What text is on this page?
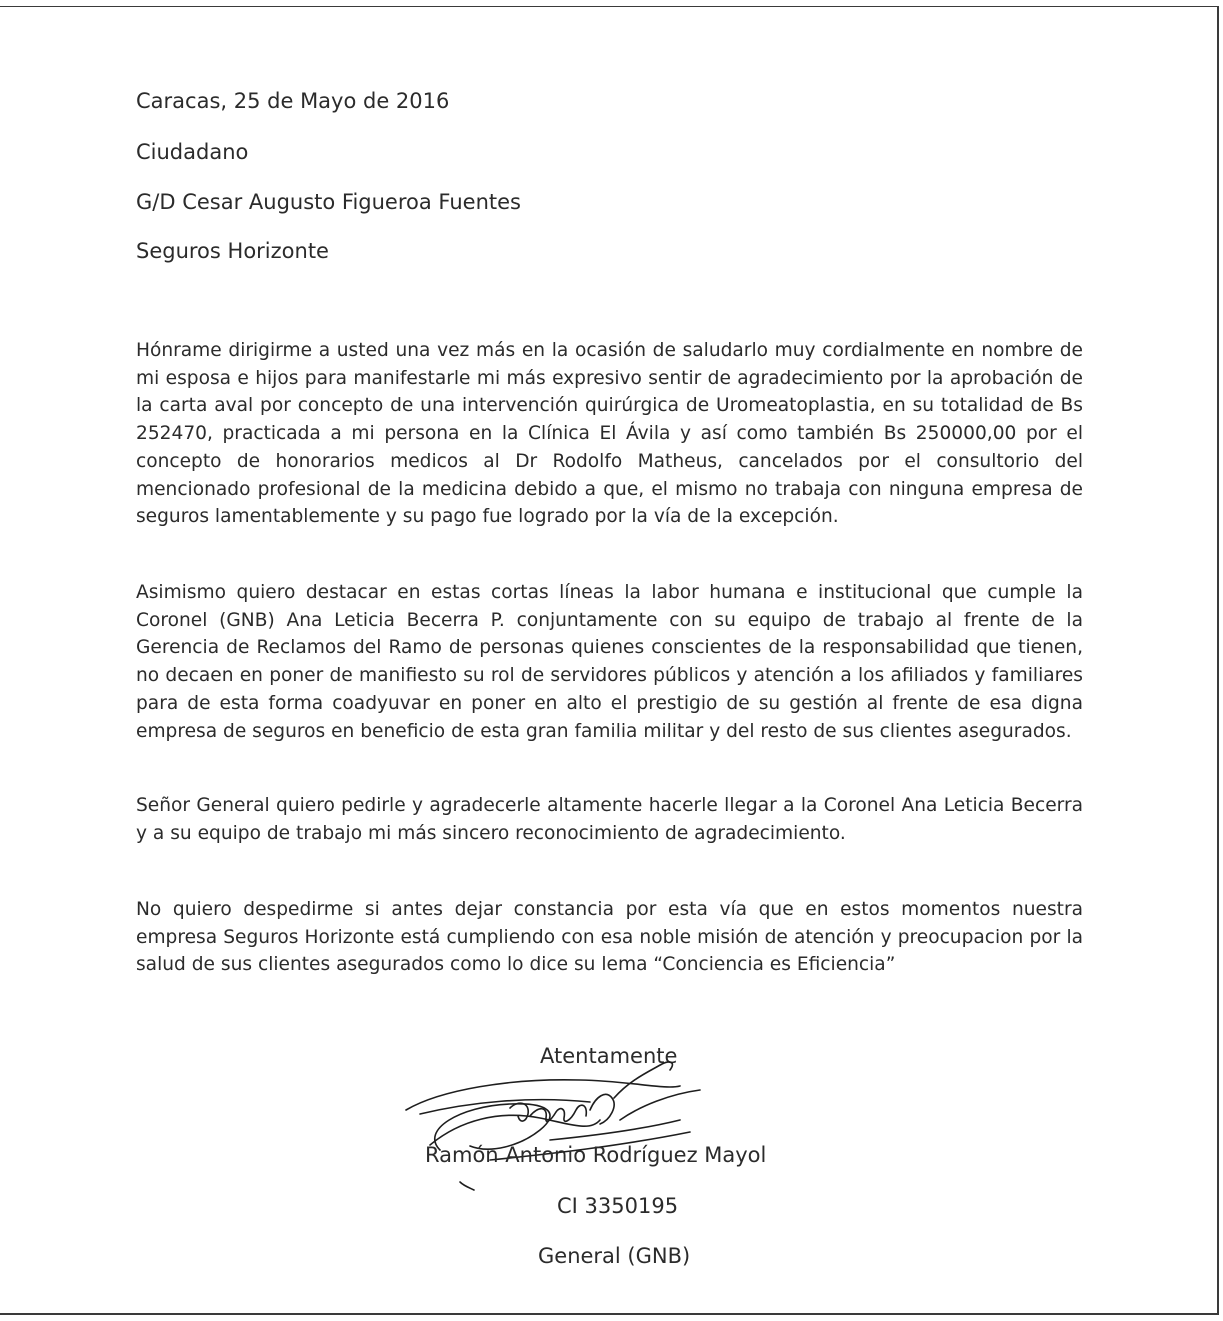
Caracas, 25 de Mayo de 2016
Ciudadano
G/D Cesar Augusto Figueroa Fuentes
Seguros Horizonte
Hónrame dirigirme a usted una vez más en la ocasión de saludarlo muy cordialmente en nombre de mi esposa e hijos para manifestarle mi más expresivo sentir de agradecimiento por la aprobación de la carta aval por concepto de una intervención quirúrgica de Uromeatoplastia, en su totalidad de Bs 252470, practicada a mi persona en la Clínica El Ávila y así como también Bs 250000,00 por el concepto de honorarios medicos al Dr Rodolfo Matheus, cancelados por el consultorio del mencionado profesional de la medicina debido a que, el mismo no trabaja con ninguna empresa de seguros lamentablemente y su pago fue logrado por la vía de la excepción.
Asimismo quiero destacar en estas cortas líneas la labor humana e institucional que cumple la Coronel (GNB) Ana Leticia Becerra P. conjuntamente con su equipo de trabajo al frente de la Gerencia de Reclamos del Ramo de personas quienes conscientes de la responsabilidad que tienen, no decaen en poner de manifiesto su rol de servidores públicos y atención a los afiliados y familiares para de esta forma coadyuvar en poner en alto el prestigio de su gestión al frente de esa digna empresa de seguros en beneficio de esta gran familia militar y del resto de sus clientes asegurados.
Señor General quiero pedirle y agradecerle altamente hacerle llegar a la Coronel Ana Leticia Becerra y a su equipo de trabajo mi más sincero reconocimiento de agradecimiento.
No quiero despedirme si antes dejar constancia por esta vía que en estos momentos nuestra empresa Seguros Horizonte está cumpliendo con esa noble misión de atención y preocupacion por la salud de sus clientes asegurados como lo dice su lema “Conciencia es Eficiencia”
Atentamente
Ramón Antonio Rodríguez Mayol
CI 3350195
General (GNB)
